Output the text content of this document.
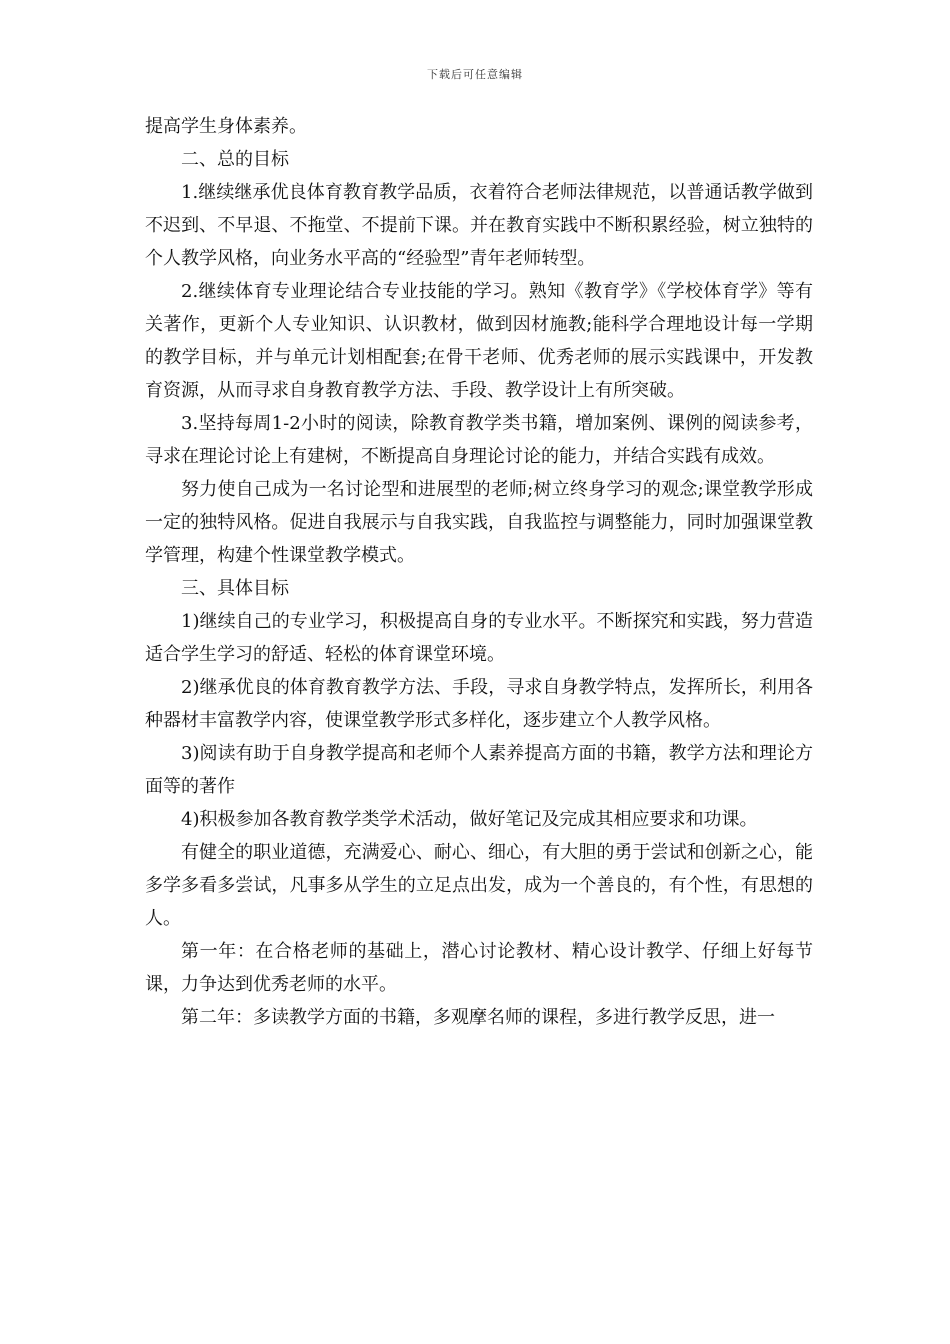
下载后可任意编辑

提高学生身体素养。

二、总的目标

1.继续继承优良体育教育教学品质，衣着符合老师法律规范，以普通话教学做到不迟到、不早退、不拖堂、不提前下课。并在教育实践中不断积累经验，树立独特的个人教学风格，向业务水平高的“经验型”青年老师转型。

2.继续体育专业理论结合专业技能的学习。熟知《教育学》《学校体育学》等有关著作，更新个人专业知识、认识教材，做到因材施教;能科学合理地设计每一学期的教学目标，并与单元计划相配套;在骨干老师、优秀老师的展示实践课中，开发教育资源，从而寻求自身教育教学方法、手段、教学设计上有所突破。

3.坚持每周1-2小时的阅读，除教育教学类书籍，增加案例、课例的阅读参考，寻求在理论讨论上有建树，不断提高自身理论讨论的能力，并结合实践有成效。

努力使自己成为一名讨论型和进展型的老师;树立终身学习的观念;课堂教学形成一定的独特风格。促进自我展示与自我实践，自我监控与调整能力，同时加强课堂教学管理，构建个性课堂教学模式。

三、具体目标

1)继续自己的专业学习，积极提高自身的专业水平。不断探究和实践，努力营造适合学生学习的舒适、轻松的体育课堂环境。

2)继承优良的体育教育教学方法、手段，寻求自身教学特点，发挥所长，利用各种器材丰富教学内容，使课堂教学形式多样化，逐步建立个人教学风格。

3)阅读有助于自身教学提高和老师个人素养提高方面的书籍，教学方法和理论方面等的著作

4)积极参加各教育教学类学术活动，做好笔记及完成其相应要求和功课。

有健全的职业道德，充满爱心、耐心、细心，有大胆的勇于尝试和创新之心，能多学多看多尝试，凡事多从学生的立足点出发，成为一个善良的，有个性，有思想的人。

第一年：在合格老师的基础上，潜心讨论教材、精心设计教学、仔细上好每节课，力争达到优秀老师的水平。

第二年：多读教学方面的书籍，多观摩名师的课程，多进行教学反思，进一
